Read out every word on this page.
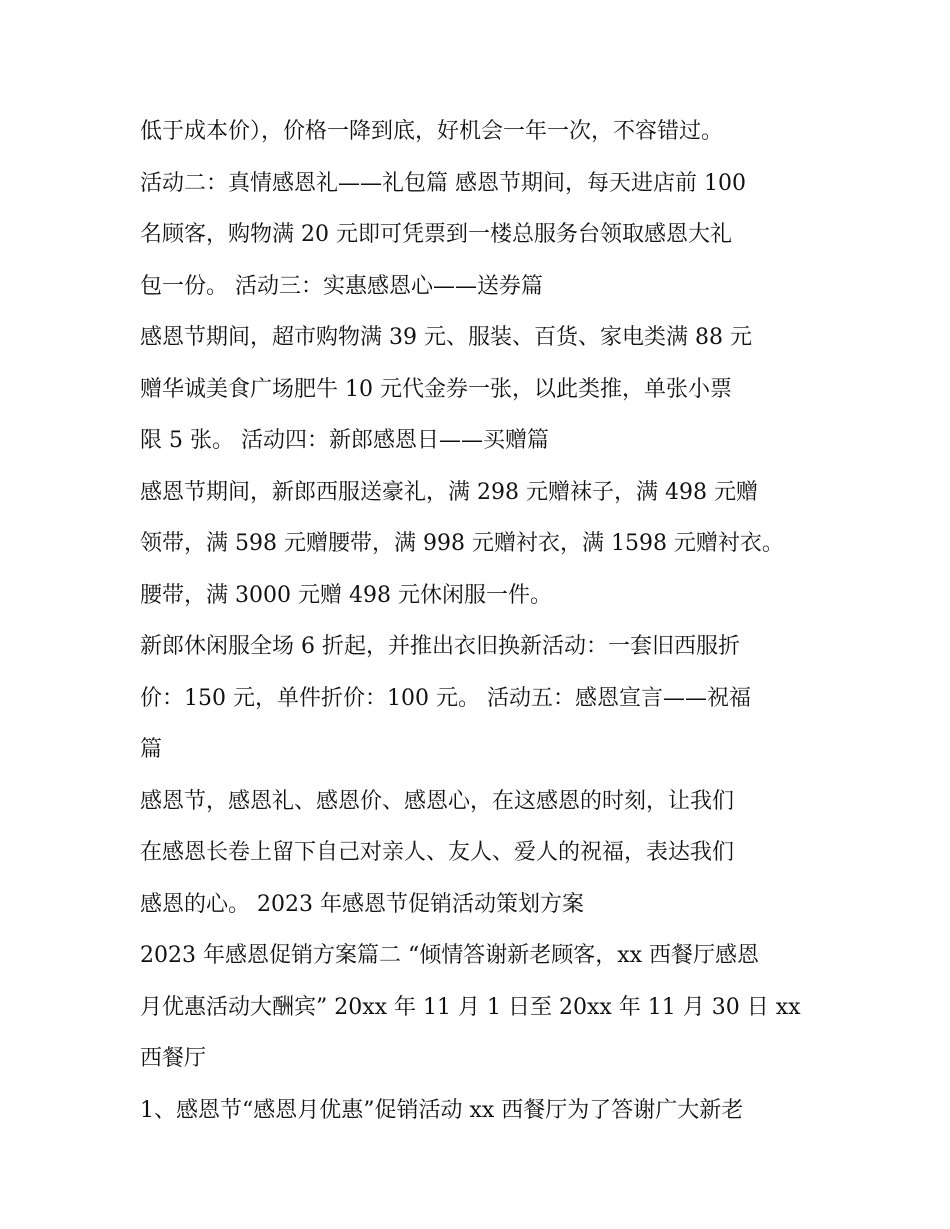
低于成本价），价格一降到底，好机会一年一次，不容错过。
活动二：真情感恩礼——礼包篇 感恩节期间，每天进店前 100
名顾客，购物满 20 元即可凭票到一楼总服务台领取感恩大礼
包一份。 活动三：实惠感恩心——送券篇
感恩节期间，超市购物满 39 元、服装、百货、家电类满 88 元
赠华诚美食广场肥牛 10 元代金券一张，以此类推，单张小票
限 5 张。 活动四：新郎感恩日——买赠篇
感恩节期间，新郎西服送豪礼，满 298 元赠袜子，满 498 元赠
领带，满 598 元赠腰带，满 998 元赠衬衣，满 1598 元赠衬衣。
腰带，满 3000 元赠 498 元休闲服一件。
新郎休闲服全场 6 折起，并推出衣旧换新活动：一套旧西服折
价：150 元，单件折价：100 元。 活动五：感恩宣言——祝福
篇
感恩节，感恩礼、感恩价、感恩心，在这感恩的时刻，让我们
在感恩长卷上留下自己对亲人、友人、爱人的祝福，表达我们
感恩的心。 2023 年感恩节促销活动策划方案
2023 年感恩促销方案篇二 “倾情答谢新老顾客，xx 西餐厅感恩
月优惠活动大酬宾” 20xx 年 11 月 1 日至 20xx 年 11 月 30 日 xx
西餐厅
1、感恩节“感恩月优惠”促销活动 xx 西餐厅为了答谢广大新老
